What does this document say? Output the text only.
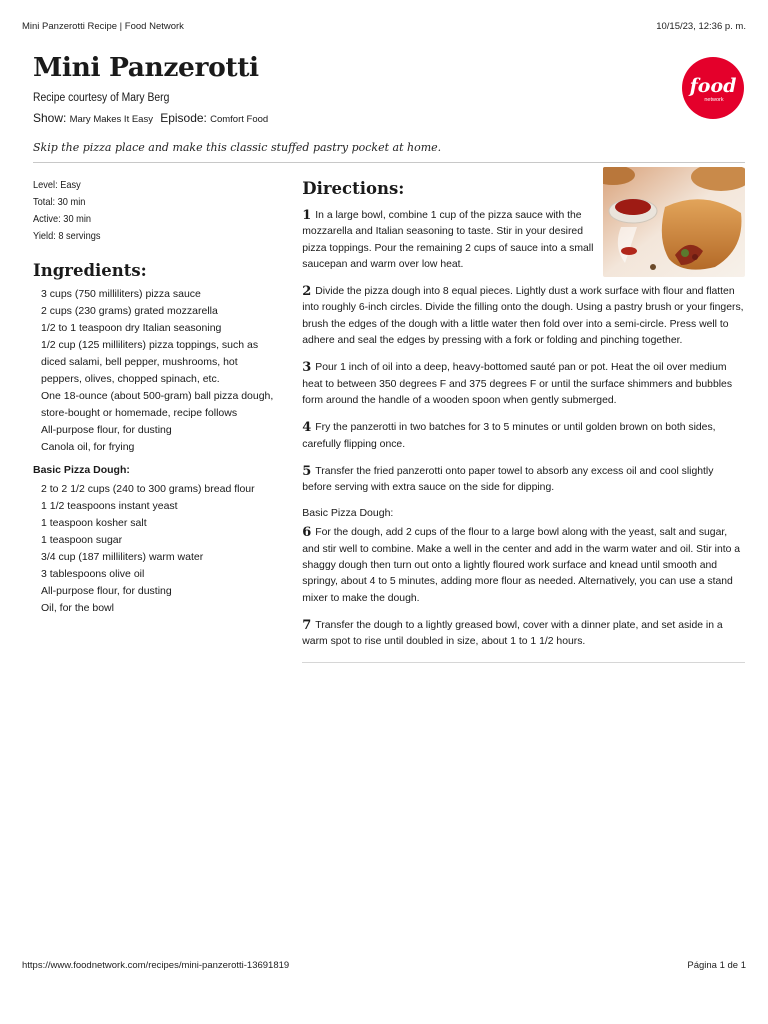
Mini Panzerotti Recipe | Food Network	10/15/23, 12:36 p. m.
Mini Panzerotti
food
network
Recipe courtesy of Mary Berg
Show: Mary Makes It Easy Episode: Comfort Food
Skip the pizza place and make this classic stuffed pastry pocket at home.
Level: Easy
Total: 30 min
Active: 30 min
Yield: 8 servings
Ingredients:
3 cups (750 milliliters) pizza sauce
2 cups (230 grams) grated mozzarella
1/2 to 1 teaspoon dry Italian seasoning
1/2 cup (125 milliliters) pizza toppings, such as diced salami, bell pepper, mushrooms, hot peppers, olives, chopped spinach, etc.
One 18-ounce (about 500-gram) ball pizza dough, store-bought or homemade, recipe follows
All-purpose flour, for dusting
Canola oil, for frying
Basic Pizza Dough:
2 to 2 1/2 cups (240 to 300 grams) bread flour
1 1/2 teaspoons instant yeast
1 teaspoon kosher salt
1 teaspoon sugar
3/4 cup (187 milliliters) warm water
3 tablespoons olive oil
All-purpose flour, for dusting
Oil, for the bowl
Directions:
1 In a large bowl, combine 1 cup of the pizza sauce with the mozzarella and Italian seasoning to taste. Stir in your desired pizza toppings. Pour the remaining 2 cups of sauce into a small saucepan and warm over low heat.
2 Divide the pizza dough into 8 equal pieces. Lightly dust a work surface with flour and flatten into roughly 6-inch circles. Divide the filling onto the dough. Using a pastry brush or your fingers, brush the edges of the dough with a little water then fold over into a semi-circle. Press well to adhere and seal the edges by pressing with a fork or folding and pinching together.
3 Pour 1 inch of oil into a deep, heavy-bottomed sauté pan or pot. Heat the oil over medium heat to between 350 degrees F and 375 degrees F or until the surface shimmers and bubbles form around the handle of a wooden spoon when gently submerged.
4 Fry the panzerotti in two batches for 3 to 5 minutes or until golden brown on both sides, carefully flipping once.
5 Transfer the fried panzerotti onto paper towel to absorb any excess oil and cool slightly before serving with extra sauce on the side for dipping.
Basic Pizza Dough:
6 For the dough, add 2 cups of the flour to a large bowl along with the yeast, salt and sugar, and stir well to combine. Make a well in the center and add in the warm water and oil. Stir into a shaggy dough then turn out onto a lightly floured work surface and knead until smooth and springy, about 4 to 5 minutes, adding more flour as needed. Alternatively, you can use a stand mixer to make the dough.
7 Transfer the dough to a lightly greased bowl, cover with a dinner plate, and set aside in a warm spot to rise until doubled in size, about 1 to 1 1/2 hours.
https://www.foodnetwork.com/recipes/mini-panzerotti-13691819	Página 1 de 1
